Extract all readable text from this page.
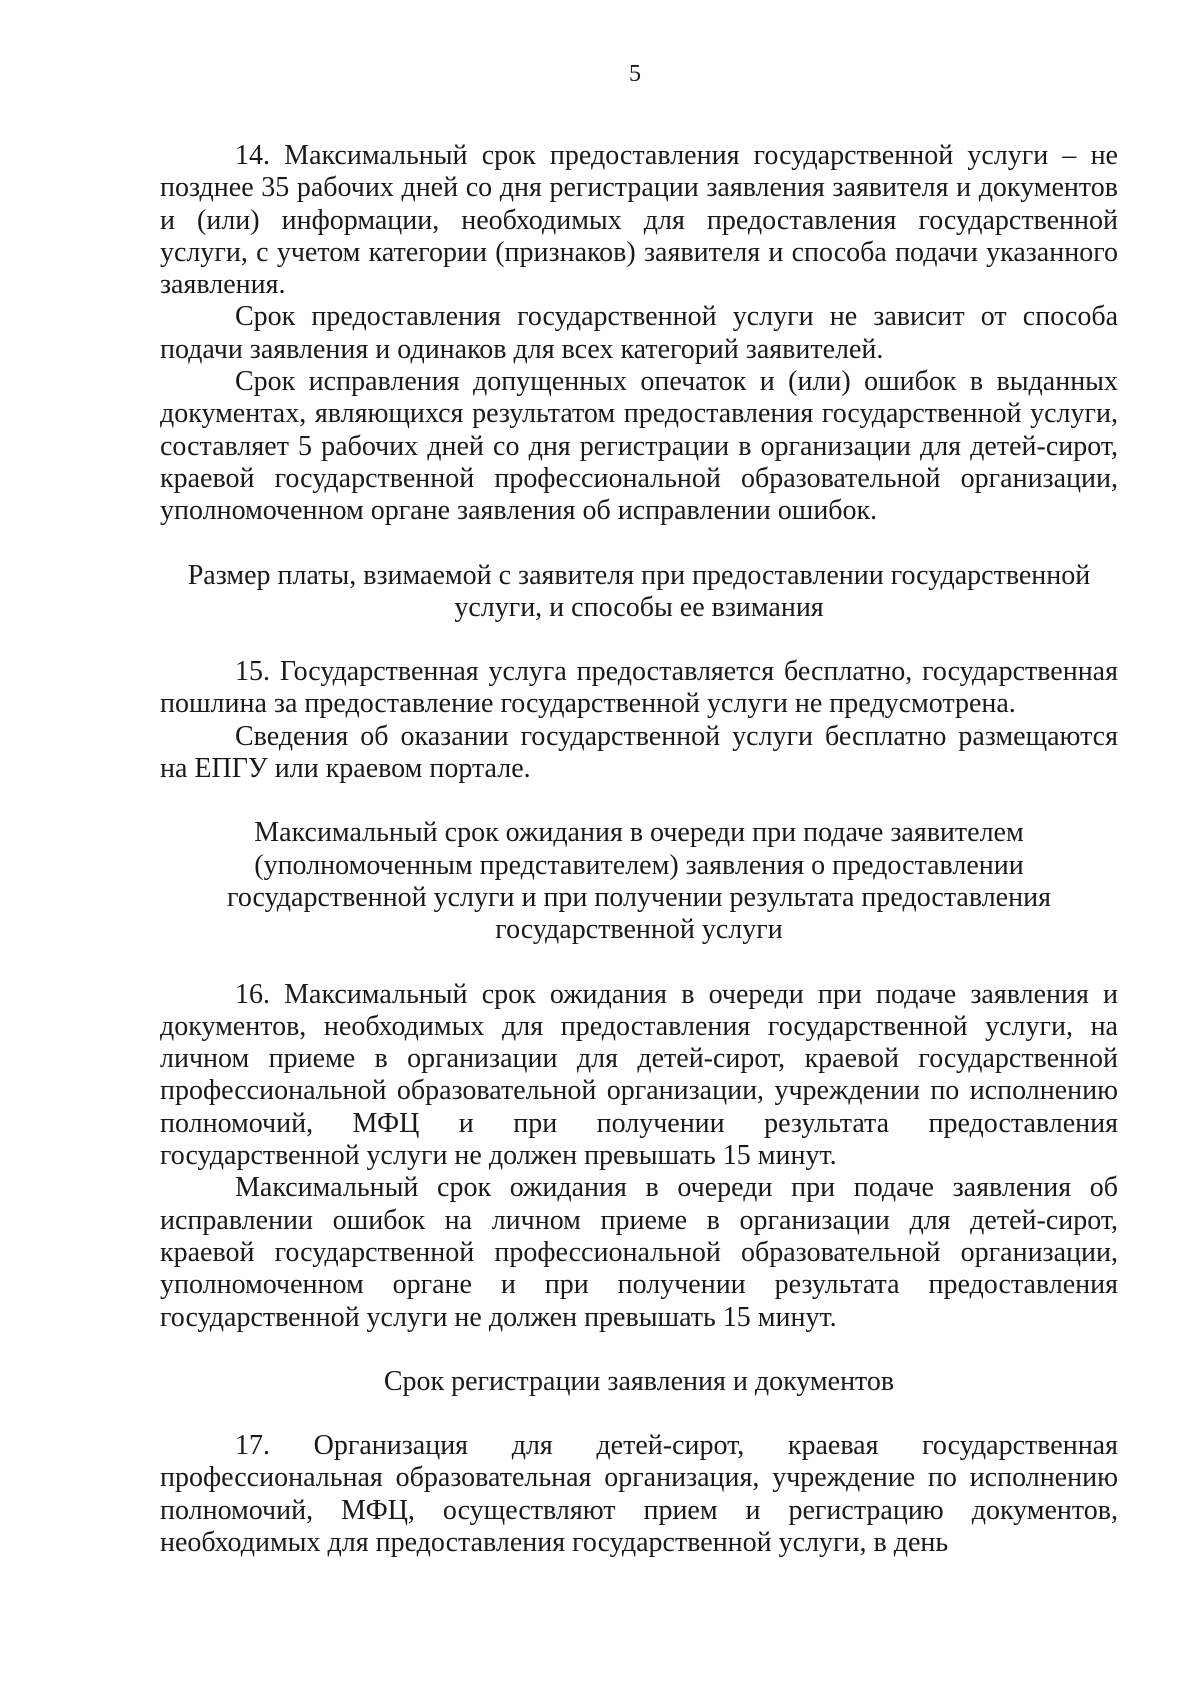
5

14. Максимальный срок предоставления государственной услуги – не позднее 35 рабочих дней со дня регистрации заявления заявителя и документов и (или) информации, необходимых для предоставления государственной услуги, с учетом категории (признаков) заявителя и способа подачи указанного заявления.

Срок предоставления государственной услуги не зависит от способа подачи заявления и одинаков для всех категорий заявителей.

Срок исправления допущенных опечаток и (или) ошибок в выданных документах, являющихся результатом предоставления государственной услуги, составляет 5 рабочих дней со дня регистрации в организации для детей-сирот, краевой государственной профессиональной образовательной организации, уполномоченном органе заявления об исправлении ошибок.

Размер платы, взимаемой с заявителя при предоставлении государственной услуги, и способы ее взимания

15. Государственная услуга предоставляется бесплатно, государственная пошлина за предоставление государственной услуги не предусмотрена.

Сведения об оказании государственной услуги бесплатно размещаются на ЕПГУ или краевом портале.

Максимальный срок ожидания в очереди при подаче заявителем (уполномоченным представителем) заявления о предоставлении государственной услуги и при получении результата предоставления государственной услуги

16. Максимальный срок ожидания в очереди при подаче заявления и документов, необходимых для предоставления государственной услуги, на личном приеме в организации для детей-сирот, краевой государственной профессиональной образовательной организации, учреждении по исполнению полномочий, МФЦ и при получении результата предоставления государственной услуги не должен превышать 15 минут.

Максимальный срок ожидания в очереди при подаче заявления об исправлении ошибок на личном приеме в организации для детей-сирот, краевой государственной профессиональной образовательной организации, уполномоченном органе и при получении результата предоставления государственной услуги не должен превышать 15 минут.

Срок регистрации заявления и документов

17. Организация для детей-сирот, краевая государственная профессиональная образовательная организация, учреждение по исполнению полномочий, МФЦ, осуществляют прием и регистрацию документов, необходимых для предоставления государственной услуги, в день
